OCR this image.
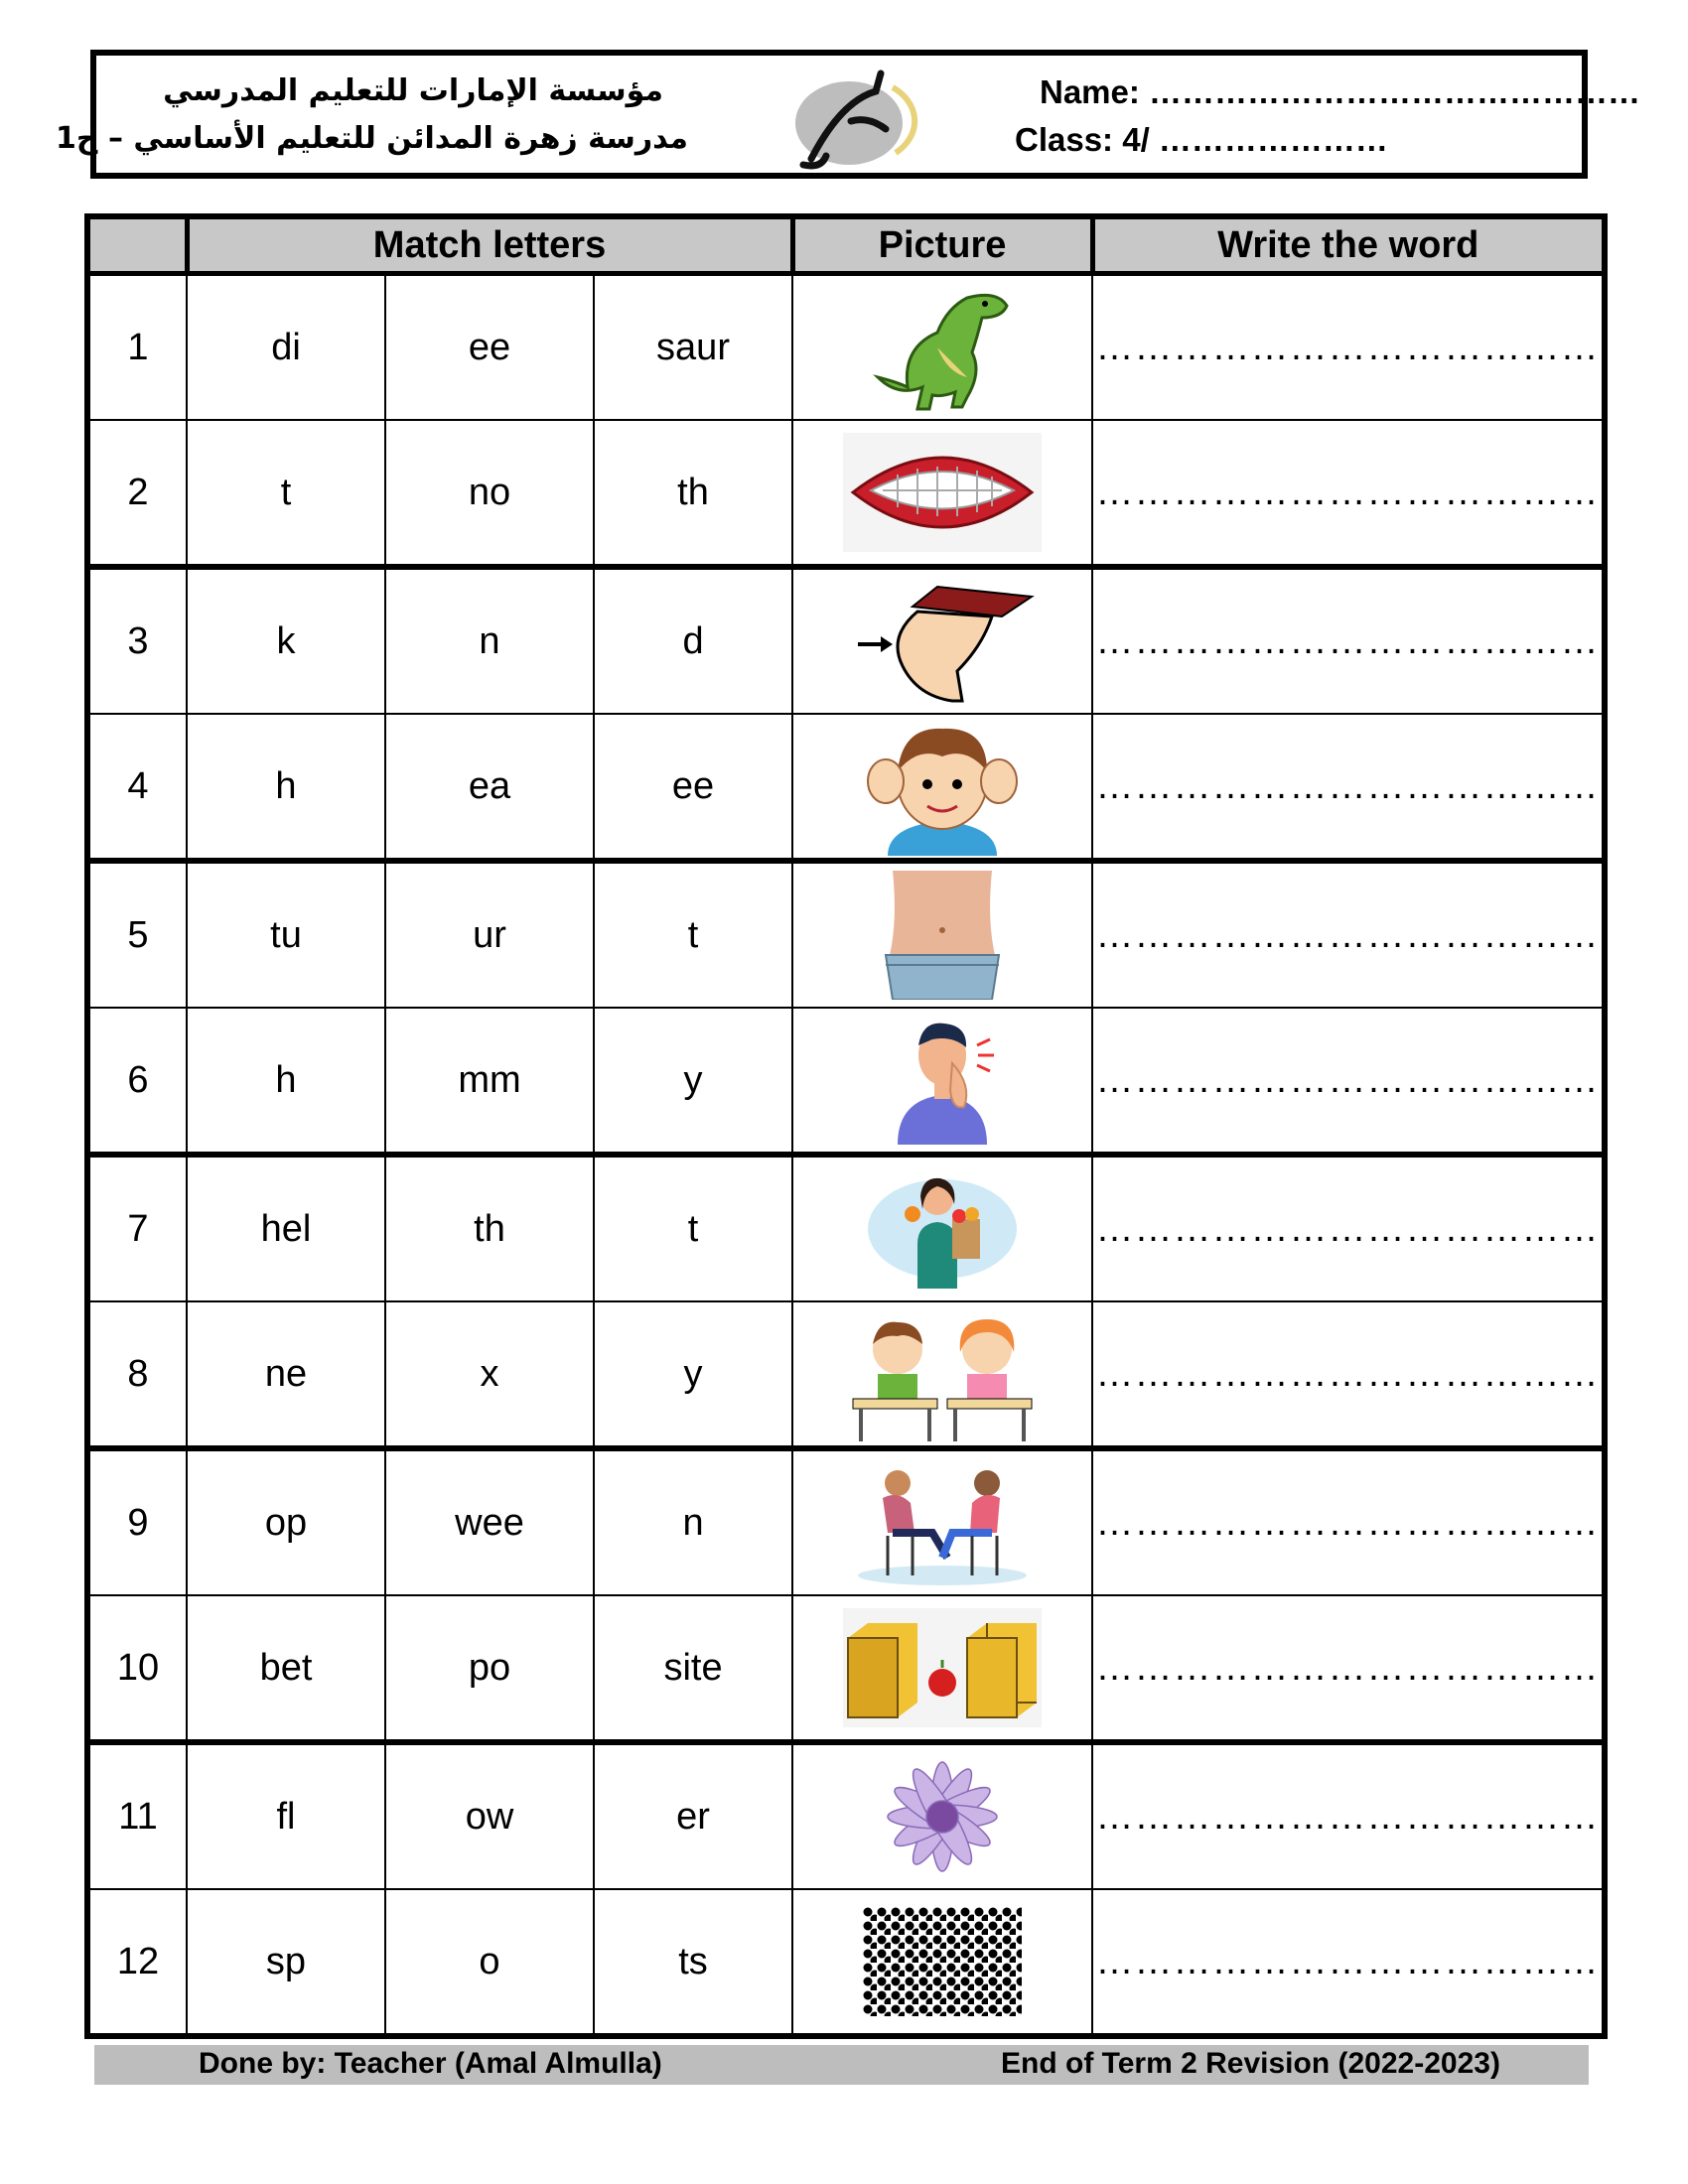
مؤسسة الإمارات للتعليم المدرسي
مدرسة زهرة المدائن للتعليم الأساسي – ح1
Name: ………………………………………
Class: 4/ …………………
	Match letters			Picture	Write the word
1	di	ee	saur		…………………………………
2	t	no	th		…………………………………
3	k	n	d		…………………………………
4	h	ea	ee		…………………………………
5	tu	ur	t		…………………………………
6	h	mm	y		…………………………………
7	hel	th	t		…………………………………
8	ne	x	y		…………………………………
9	op	wee	n		…………………………………
10	bet	po	site		…………………………………
11	fl	ow	er		…………………………………
12	sp	o	ts		…………………………………
Done by: Teacher (Amal Almulla)	End of Term 2 Revision (2022-2023)
